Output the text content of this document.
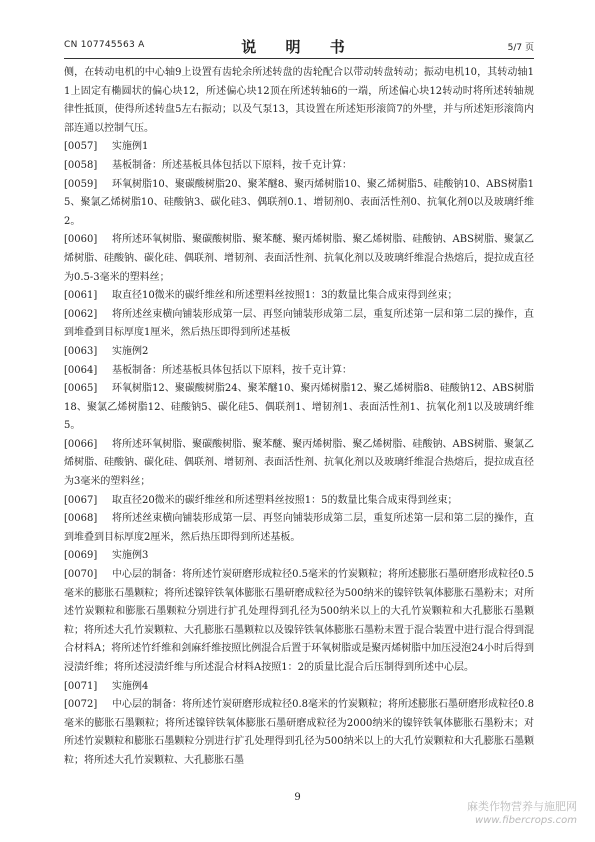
CN 107745563 A	说 明 书	5/7 页

侧，在转动电机的中心轴9上设置有齿轮余所述转盘的齿轮配合以带动转盘转动；振动电机10，其转动轴11上固定有椭圆状的偏心块12，所述偏心块12顶在所述转轴6的一端，所述偏心块12转动时将所述转轴规律性抵顶，使得所述转盘5左右振动；以及气泵13，其设置在所述矩形滚筒7的外壁，并与所述矩形滚筒内部连通以控制气压。

[0057] 实施例1

[0058] 基板制备：所述基板具体包括以下原料，按千克计算：

[0059] 环氧树脂10、聚碳酸树脂20、聚苯醚8、聚丙烯树脂10、聚乙烯树脂5、硅酸钠10、ABS树脂15、聚氯乙烯树脂10、硅酸钠3、碳化硅3、偶联剂0.1、增韧剂0、表面活性剂0、抗氧化剂0以及玻璃纤维2。

[0060] 将所述环氧树脂、聚碳酸树脂、聚苯醚、聚丙烯树脂、聚乙烯树脂、硅酸钠、ABS树脂、聚氯乙烯树脂、硅酸钠、碳化硅、偶联剂、增韧剂、表面活性剂、抗氧化剂以及玻璃纤维混合热熔后，提拉成直径为0.5-3毫米的塑料丝；

[0061] 取直径10微米的碳纤维丝和所述塑料丝按照1：3的数量比集合成束得到丝束；

[0062] 将所述丝束横向铺装形成第一层、再竖向铺装形成第二层，重复所述第一层和第二层的操作，直到堆叠到目标厚度1厘米，然后热压即得到所述基板

[0063] 实施例2

[0064] 基板制备：所述基板具体包括以下原料，按千克计算：

[0065] 环氧树脂12、聚碳酸树脂24、聚苯醚10、聚丙烯树脂12、聚乙烯树脂8、硅酸钠12、ABS树脂18、聚氯乙烯树脂12、硅酸钠5、碳化硅5、偶联剂1、增韧剂1、表面活性剂1、抗氧化剂1以及玻璃纤维5。

[0066] 将所述环氧树脂、聚碳酸树脂、聚苯醚、聚丙烯树脂、聚乙烯树脂、硅酸钠、ABS树脂、聚氯乙烯树脂、硅酸钠、碳化硅、偶联剂、增韧剂、表面活性剂、抗氧化剂以及玻璃纤维混合热熔后，提拉成直径为3毫米的塑料丝；

[0067] 取直径20微米的碳纤维丝和所述塑料丝按照1：5的数量比集合成束得到丝束；

[0068] 将所述丝束横向铺装形成第一层、再竖向铺装形成第二层，重复所述第一层和第二层的操作，直到堆叠到目标厚度2厘米，然后热压即得到所述基板。

[0069] 实施例3

[0070] 中心层的制备：将所述竹炭研磨形成粒径0.5毫米的竹炭颗粒；将所述膨胀石墨研磨形成粒径0.5毫米的膨胀石墨颗粒；将所述镍锌铁氧体膨胀石墨研磨成粒径为500纳米的镍锌铁氧体膨胀石墨粉末；对所述竹炭颗粒和膨胀石墨颗粒分别进行扩孔处理得到孔径为500纳米以上的大孔竹炭颗粒和大孔膨胀石墨颗粒；将所述大孔竹炭颗粒、大孔膨胀石墨颗粒以及镍锌铁氧体膨胀石墨粉末置于混合装置中进行混合得到混合材料A；将所述竹纤维和剑麻纤维按照比例混合后置于环氧树脂或是聚丙烯树脂中加压浸泡24小时后得到浸渍纤维；将所述浸渍纤维与所述混合材料A按照1：2的质量比混合后压制得到所述中心层。

[0071] 实施例4

[0072] 中心层的制备：将所述竹炭研磨形成粒径0.8毫米的竹炭颗粒；将所述膨胀石墨研磨形成粒径0.8毫米的膨胀石墨颗粒；将所述镍锌铁氧体膨胀石墨研磨成粒径为2000纳米的镍锌铁氧体膨胀石墨粉末；对所述竹炭颗粒和膨胀石墨颗粒分别进行扩孔处理得到孔径为500纳米以上的大孔竹炭颗粒和大孔膨胀石墨颗粒；将所述大孔竹炭颗粒、大孔膨胀石墨

9
麻类作物营养与施肥网
www.fibercrops.com
